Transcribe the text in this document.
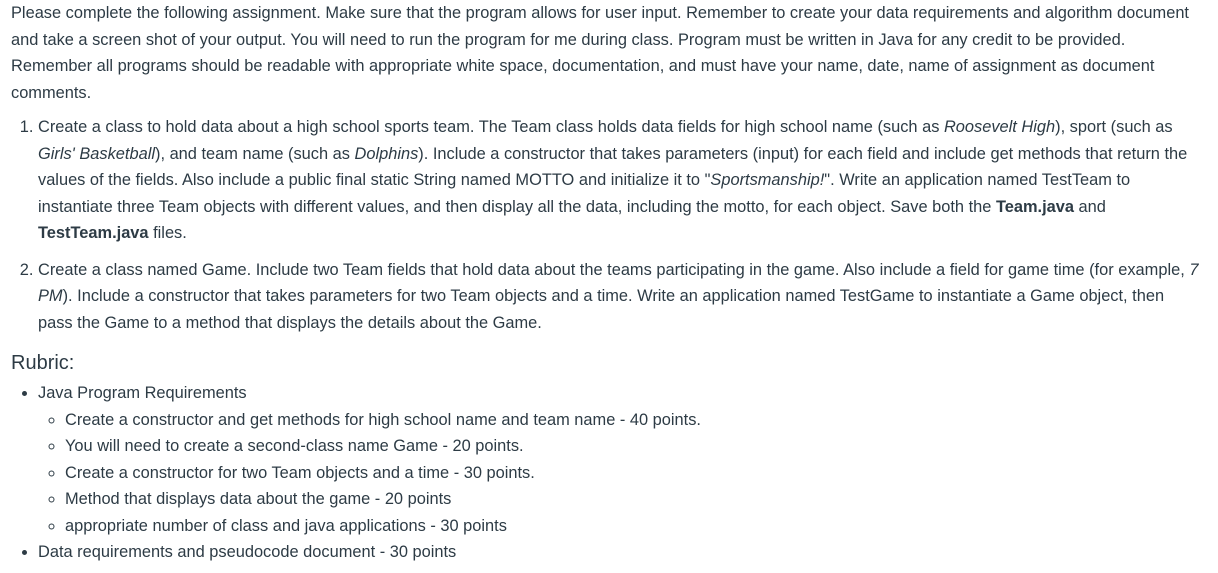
Please complete the following assignment. Make sure that the program allows for user input. Remember to create your data requirements and algorithm document and take a screen shot of your output. You will need to run the program for me during class. Program must be written in Java for any credit to be provided. Remember all programs should be readable with appropriate white space, documentation, and must have your name, date, name of assignment as document comments.

1. Create a class to hold data about a high school sports team. The Team class holds data fields for high school name (such as Roosevelt High), sport (such as Girls' Basketball), and team name (such as Dolphins). Include a constructor that takes parameters (input) for each field and include get methods that return the values of the fields. Also include a public final static String named MOTTO and initialize it to "Sportsmanship!". Write an application named TestTeam to instantiate three Team objects with different values, and then display all the data, including the motto, for each object. Save both the Team.java and TestTeam.java files.
2. Create a class named Game. Include two Team fields that hold data about the teams participating in the game. Also include a field for game time (for example, 7 PM). Include a constructor that takes parameters for two Team objects and a time. Write an application named TestGame to instantiate a Game object, then pass the Game to a method that displays the details about the Game.
Rubric:
• Java Program Requirements
◦ Create a constructor and get methods for high school name and team name - 40 points.
◦ You will need to create a second-class name Game - 20 points.
◦ Create a constructor for two Team objects and a time - 30 points.
◦ Method that displays data about the game - 20 points
◦ appropriate number of class and java applications - 30 points
• Data requirements and pseudocode document - 30 points
